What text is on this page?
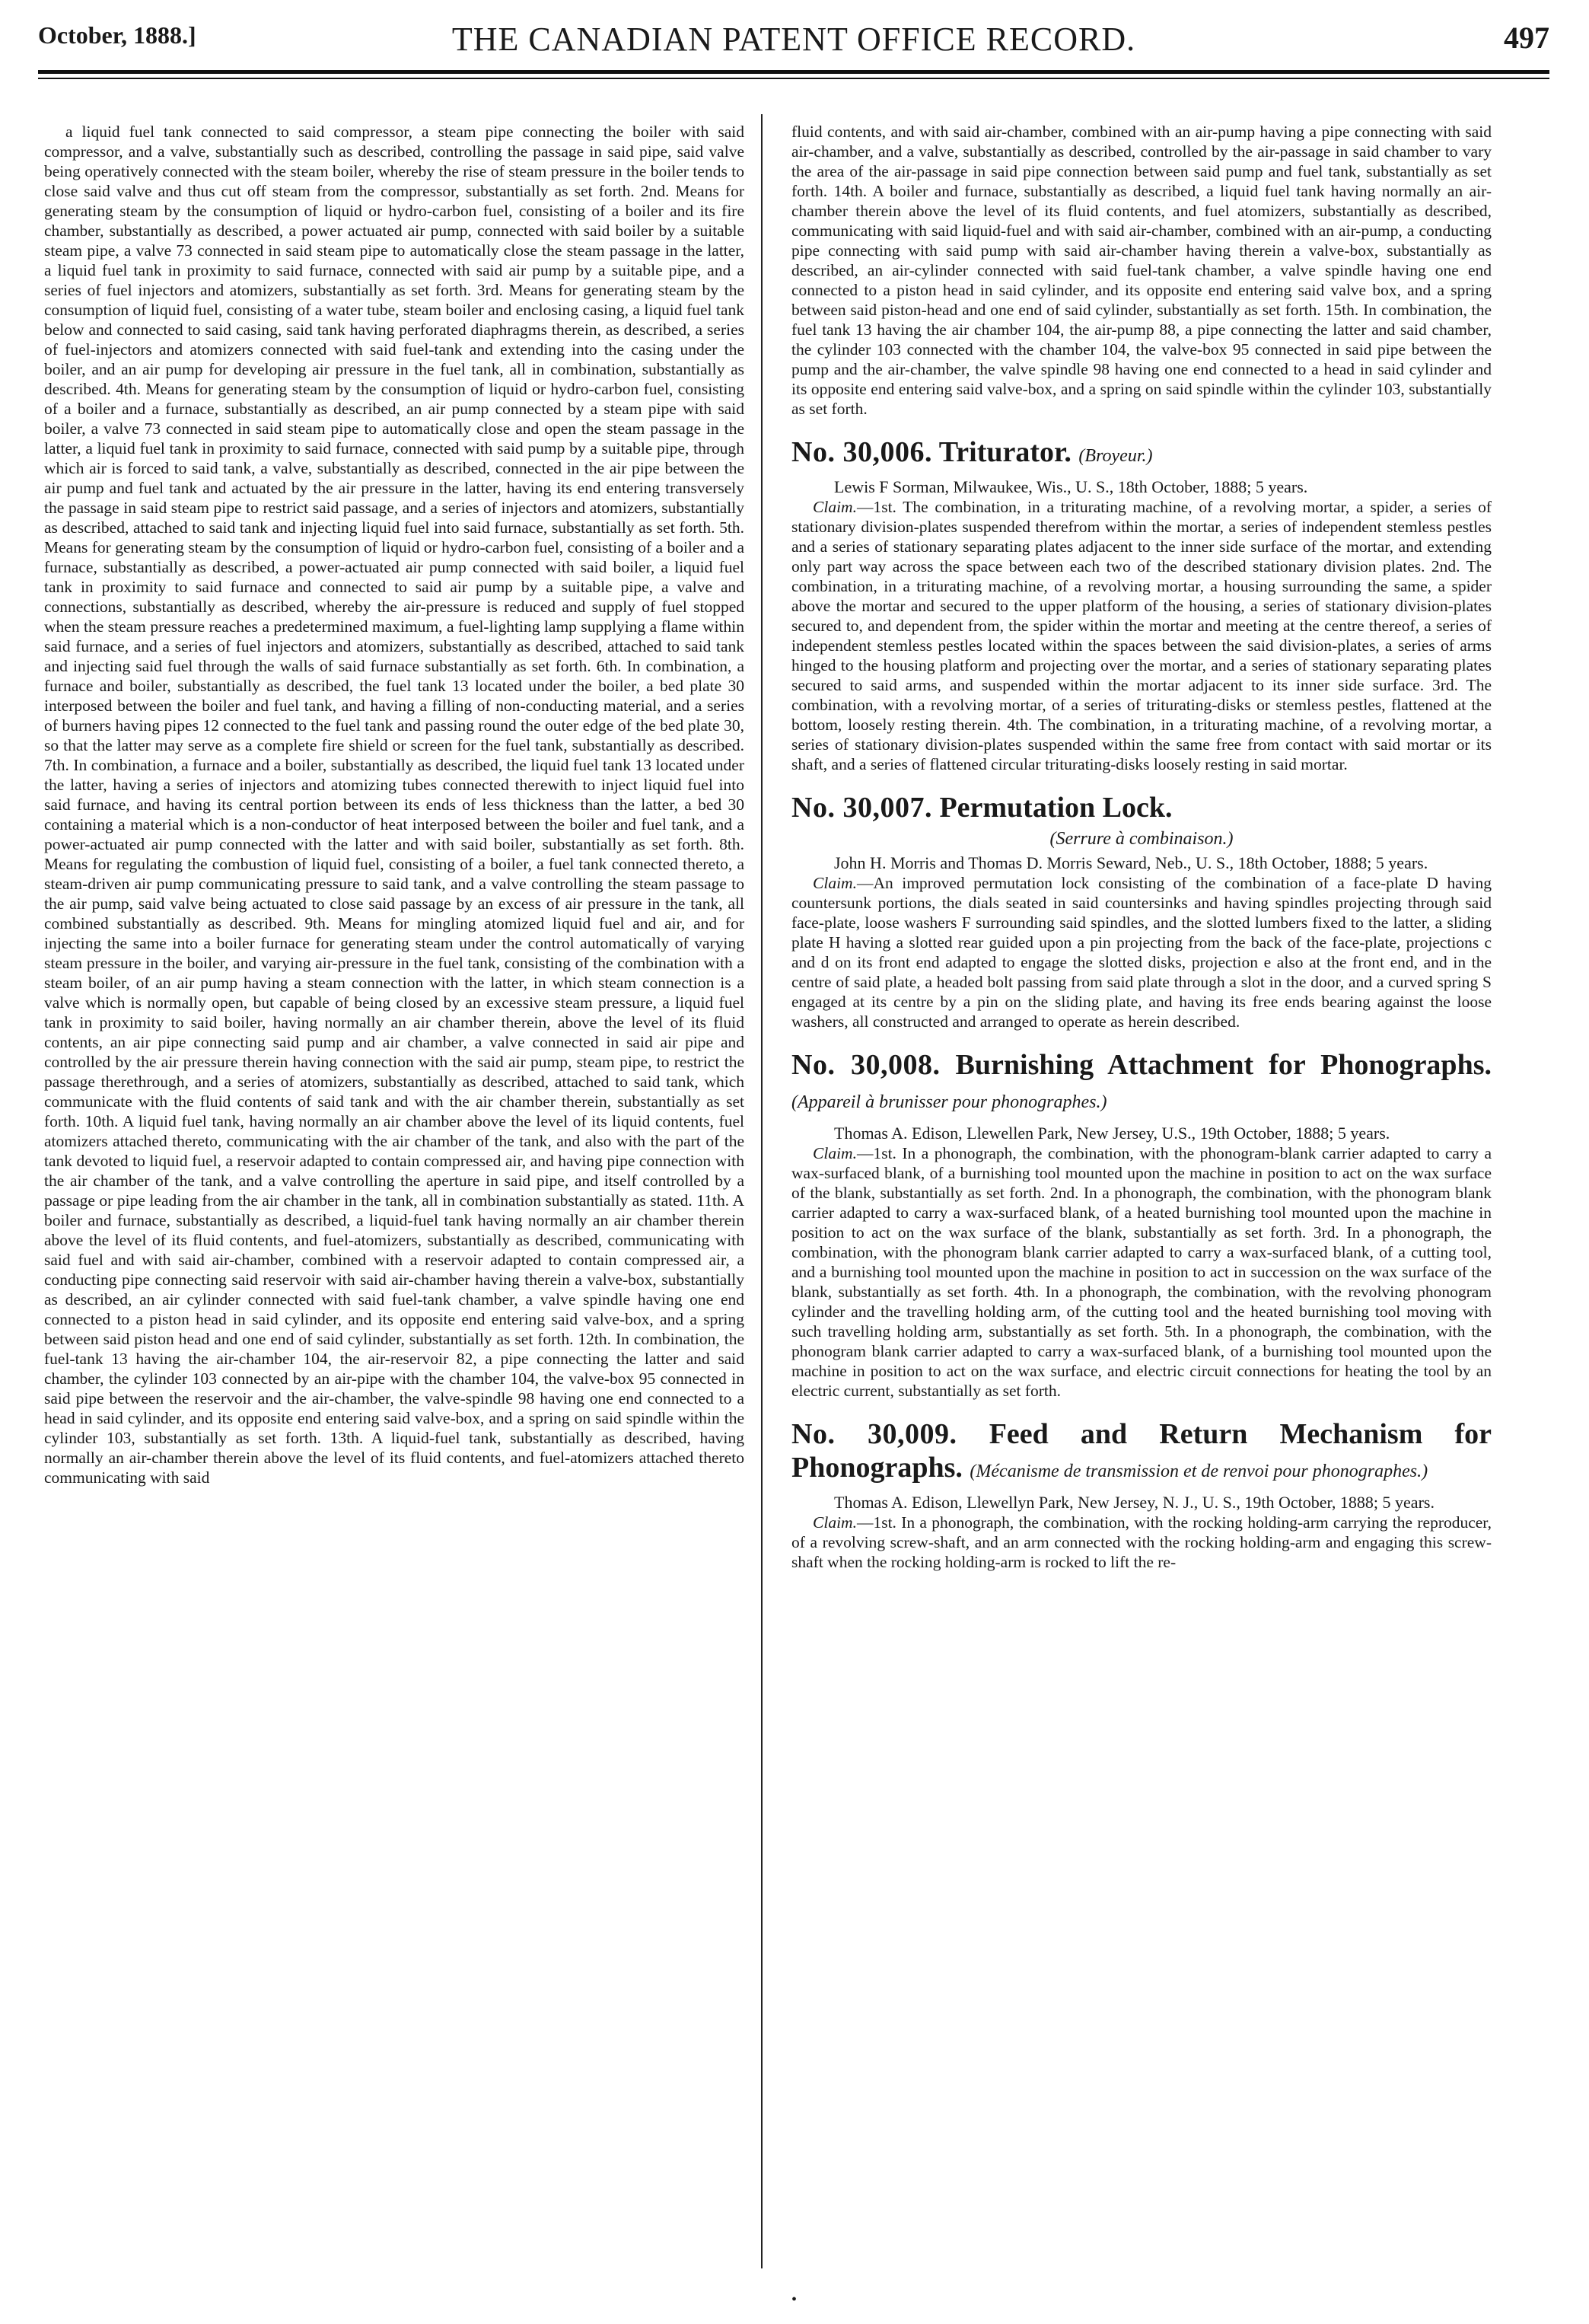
October, 1888.]	THE CANADIAN PATENT OFFICE RECORD.	497

a liquid fuel tank connected to said compressor, a steam pipe connecting the boiler with said compressor, and a valve, substantially such as described, controlling the passage in said pipe, said valve being operatively connected with the steam boiler, whereby the rise of steam pressure in the boiler tends to close said valve and thus cut off steam from the compressor, substantially as set forth. 2nd. Means for generating steam by the consumption of liquid or hydro-carbon fuel, consisting of a boiler and its fire chamber, substantially as described, a power actuated air pump, connected with said boiler by a suitable steam pipe, a valve 73 connected in said steam pipe to automatically close the steam passage in the latter, a liquid fuel tank in proximity to said furnace, connected with said air pump by a suitable pipe, and a series of fuel injectors and atomizers, substantially as set forth. 3rd. Means for generating steam by the consumption of liquid fuel, consisting of a water tube, steam boiler and enclosing casing, a liquid fuel tank below and connected to said casing, said tank having perforated diaphragms therein, as described, a series of fuel-injectors and atomizers connected with said fuel-tank and extending into the casing under the boiler, and an air pump for developing air pressure in the fuel tank, all in combination, substantially as described. 4th. Means for generating steam by the consumption of liquid or hydro-carbon fuel, consisting of a boiler and a furnace, substantially as described, an air pump connected by a steam pipe with said boiler, a valve 73 connected in said steam pipe to automatically close and open the steam passage in the latter, a liquid fuel tank in proximity to said furnace, connected with said pump by a suitable pipe, through which air is forced to said tank, a valve, substantially as described, connected in the air pipe between the air pump and fuel tank and actuated by the air pressure in the latter, having its end entering transversely the passage in said steam pipe to restrict said passage, and a series of injectors and atomizers, substantially as described, attached to said tank and injecting liquid fuel into said furnace, substantially as set forth. 5th. Means for generating steam by the consumption of liquid or hydro-carbon fuel, consisting of a boiler and a furnace, substantially as described, a power-actuated air pump connected with said boiler, a liquid fuel tank in proximity to said furnace and connected to said air pump by a suitable pipe, a valve and connections, substantially as described, whereby the air-pressure is reduced and supply of fuel stopped when the steam pressure reaches a predetermined maximum, a fuel-lighting lamp supplying a flame within said furnace, and a series of fuel injectors and atomizers, substantially as described, attached to said tank and injecting said fuel through the walls of said furnace substantially as set forth. 6th. In combination, a furnace and boiler, substantially as described, the fuel tank 13 located under the boiler, a bed plate 30 interposed between the boiler and fuel tank, and having a filling of non-conducting material, and a series of burners having pipes 12 connected to the fuel tank and passing round the outer edge of the bed plate 30, so that the latter may serve as a complete fire shield or screen for the fuel tank, substantially as described. 7th. In combination, a furnace and a boiler, substantially as described, the liquid fuel tank 13 located under the latter, having a series of injectors and atomizing tubes connected therewith to inject liquid fuel into said furnace, and having its central portion between its ends of less thickness than the latter, a bed 30 containing a material which is a non-conductor of heat interposed between the boiler and fuel tank, and a power-actuated air pump connected with the latter and with said boiler, substantially as set forth. 8th. Means for regulating the combustion of liquid fuel, consisting of a boiler, a fuel tank connected thereto, a steam-driven air pump communicating pressure to said tank, and a valve controlling the steam passage to the air pump, said valve being actuated to close said passage by an excess of air pressure in the tank, all combined substantially as described. 9th. Means for mingling atomized liquid fuel and air, and for injecting the same into a boiler furnace for generating steam under the control automatically of varying steam pressure in the boiler, and varying air-pressure in the fuel tank, consisting of the combination with a steam boiler, of an air pump having a steam connection with the latter, in which steam connection is a valve which is normally open, but capable of being closed by an excessive steam pressure, a liquid fuel tank in proximity to said boiler, having normally an air chamber therein, above the level of its fluid contents, an air pipe connecting said pump and air chamber, a valve connected in said air pipe and controlled by the air pressure therein having connection with the said air pump, steam pipe, to restrict the passage therethrough, and a series of atomizers, substantially as described, attached to said tank, which communicate with the fluid contents of said tank and with the air chamber therein, substantially as set forth. 10th. A liquid fuel tank, having normally an air chamber above the level of its liquid contents, fuel atomizers attached thereto, communicating with the air chamber of the tank, and also with the part of the tank devoted to liquid fuel, a reservoir adapted to contain compressed air, and having pipe connection with the air chamber of the tank, and a valve controlling the aperture in said pipe, and itself controlled by a passage or pipe leading from the air chamber in the tank, all in combination substantially as stated. 11th. A boiler and furnace, substantially as described, a liquid-fuel tank having normally an air chamber therein above the level of its fluid contents, and fuel-atomizers, substantially as described, communicating with said fuel and with said air-chamber, combined with a reservoir adapted to contain compressed air, a conducting pipe connecting said reservoir with said air-chamber having therein a valve-box, substantially as described, an air cylinder connected with said fuel-tank chamber, a valve spindle having one end connected to a piston head in said cylinder, and its opposite end entering said valve-box, and a spring between said piston head and one end of said cylinder, substantially as set forth. 12th. In combination, the fuel-tank 13 having the air-chamber 104, the air-reservoir 82, a pipe connecting the latter and said chamber, the cylinder 103 connected by an air-pipe with the chamber 104, the valve-box 95 connected in said pipe between the reservoir and the air-chamber, the valve-spindle 98 having one end connected to a head in said cylinder, and its opposite end entering said valve-box, and a spring on said spindle within the cylinder 103, substantially as set forth. 13th. A liquid-fuel tank, substantially as described, having normally an air-chamber therein above the level of its fluid contents, and fuel-atomizers attached thereto communicating with said

fluid contents, and with said air-chamber, combined with an air-pump having a pipe connecting with said air-chamber, and a valve, substantially as described, controlled by the air-passage in said chamber to vary the area of the air-passage in said pipe connection between said pump and fuel tank, substantially as set forth. 14th. A boiler and furnace, substantially as described, a liquid fuel tank having normally an air-chamber therein above the level of its fluid contents, and fuel atomizers, substantially as described, communicating with said liquid-fuel and with said air-chamber, combined with an air-pump, a conducting pipe connecting with said pump with said air-chamber having therein a valve-box, substantially as described, an air-cylinder connected with said fuel-tank chamber, a valve spindle having one end connected to a piston head in said cylinder, and its opposite end entering said valve box, and a spring between said piston-head and one end of said cylinder, substantially as set forth. 15th. In combination, the fuel tank 13 having the air chamber 104, the air-pump 88, a pipe connecting the latter and said chamber, the cylinder 103 connected with the chamber 104, the valve-box 95 connected in said pipe between the pump and the air-chamber, the valve spindle 98 having one end connected to a head in said cylinder and its opposite end entering said valve-box, and a spring on said spindle within the cylinder 103, substantially as set forth.

No. 30,006. Triturator. (Broyeur.)

Lewis F Sorman, Milwaukee, Wis., U. S., 18th October, 1888; 5 years.

Claim.—1st. The combination, in a triturating machine, of a revolving mortar, a spider, a series of stationary division-plates suspended therefrom within the mortar, a series of independent stemless pestles and a series of stationary separating plates adjacent to the inner side surface of the mortar, and extending only part way across the space between each two of the described stationary division plates. 2nd. The combination, in a triturating machine, of a revolving mortar, a housing surrounding the same, a spider above the mortar and secured to the upper platform of the housing, a series of stationary division-plates secured to, and dependent from, the spider within the mortar and meeting at the centre thereof, a series of independent stemless pestles located within the spaces between the said division-plates, a series of arms hinged to the housing platform and projecting over the mortar, and a series of stationary separating plates secured to said arms, and suspended within the mortar adjacent to its inner side surface. 3rd. The combination, with a revolving mortar, of a series of triturating-disks or stemless pestles, flattened at the bottom, loosely resting therein. 4th. The combination, in a triturating machine, of a revolving mortar, a series of stationary division-plates suspended within the same free from contact with said mortar or its shaft, and a series of flattened circular triturating-disks loosely resting in said mortar.

No. 30,007. Permutation Lock.
(Serrure à combinaison.)

John H. Morris and Thomas D. Morris Seward, Neb., U. S., 18th October, 1888; 5 years.

Claim.—An improved permutation lock consisting of the combination of a face-plate D having countersunk portions, the dials seated in said countersinks and having spindles projecting through said face-plate, loose washers F surrounding said spindles, and the slotted lumbers fixed to the latter, a sliding plate H having a slotted rear guided upon a pin projecting from the back of the face-plate, projections c and d on its front end adapted to engage the slotted disks, projection e also at the front end, and in the centre of said plate, a headed bolt passing from said plate through a slot in the door, and a curved spring S engaged at its centre by a pin on the sliding plate, and having its free ends bearing against the loose washers, all constructed and arranged to operate as herein described.

No. 30,008. Burnishing Attachment for Phonographs. (Appareil à brunisser pour phonographes.)

Thomas A. Edison, Llewellen Park, New Jersey, U.S., 19th October, 1888; 5 years.

Claim.—1st. In a phonograph, the combination, with the phonogram-blank carrier adapted to carry a wax-surfaced blank, of a burnishing tool mounted upon the machine in position to act on the wax surface of the blank, substantially as set forth. 2nd. In a phonograph, the combination, with the phonogram blank carrier adapted to carry a wax-surfaced blank, of a heated burnishing tool mounted upon the machine in position to act on the wax surface of the blank, substantially as set forth. 3rd. In a phonograph, the combination, with the phonogram blank carrier adapted to carry a wax-surfaced blank, of a cutting tool, and a burnishing tool mounted upon the machine in position to act in succession on the wax surface of the blank, substantially as set forth. 4th. In a phonograph, the combination, with the revolving phonogram cylinder and the travelling holding arm, of the cutting tool and the heated burnishing tool moving with such travelling holding arm, substantially as set forth. 5th. In a phonograph, the combination, with the phonogram blank carrier adapted to carry a wax-surfaced blank, of a burnishing tool mounted upon the machine in position to act on the wax surface, and electric circuit connections for heating the tool by an electric current, substantially as set forth.

No. 30,009. Feed and Return Mechanism for Phonographs. (Mécanisme de transmission et de renvoi pour phonographes.)

Thomas A. Edison, Llewellyn Park, New Jersey, N. J., U. S., 19th October, 1888; 5 years.

Claim.—1st. In a phonograph, the combination, with the rocking holding-arm carrying the reproducer, of a revolving screw-shaft, and an arm connected with the rocking holding-arm and engaging this screw-shaft when the rocking holding-arm is rocked to lift the re-

•
